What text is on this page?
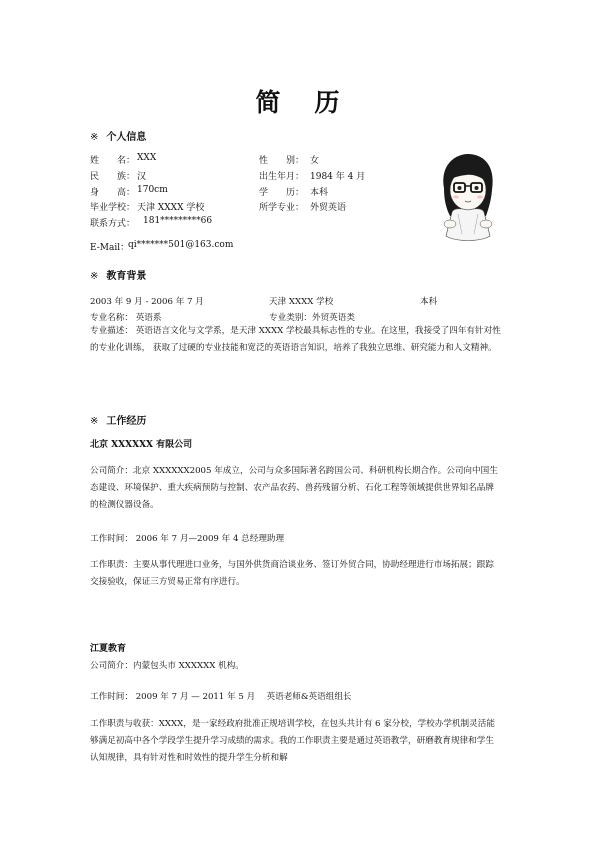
简 历
※ 个人信息
姓　　名： XXX	性　　别： 女
民　　族： 汉	出生年月： 1984 年 4 月
身　　高： 170cm	学　　历： 本科
毕业学校： 天津 XXXX 学校	所学专业： 外贸英语
联系方式： 181*********66
E-Mail：
qi*******501@163.com
※ 教育背景
2003 年 9 月 - 2006 年 7 月	天津 XXXX 学校	本科
专业名称： 英语系	专业类别：外贸英语类
专业描述： 英语语言文化与文学系，是天津 XXXX 学校最具标志性的专业。在这里，我接受了四年有针对性的专业化训练， 获取了过硬的专业技能和宽泛的英语语言知识，培养了我独立思维、研究能力和人文精神。
※ 工作经历
北京 XXXXXX 有限公司
公司简介：北京 XXXXXX2005 年成立，公司与众多国际著名跨国公司、科研机构长期合作。公司向中国生态建设、环境保护、重大疾病预防与控制、农产品农药、兽药残留分析、石化工程等领域提供世界知名品牌的检测仪器设备。
工作时间： 2006 年 7 月—2009 年 4 总经理助理
工作职责：主要从事代理进口业务，与国外供货商洽谈业务、签订外贸合同，协助经理进行市场拓展；跟踪交接验收，保证三方贸易正常有序进行。
江夏教育
公司简介：内蒙包头市 XXXXXX 机构。
工作时间： 2009 年 7 月 — 2011 年 5 月　 英语老师&英语组组长
工作职责与收获：XXXX，是一家经政府批准正规培训学校，在包头共计有 6 家分校，学校办学机制灵活能够满足初高中各个学段学生提升学习成绩的需求。我的工作职责主要是通过英语教学，研磨教育规律和学生认知规律，具有针对性和时效性的提升学生分析和解
